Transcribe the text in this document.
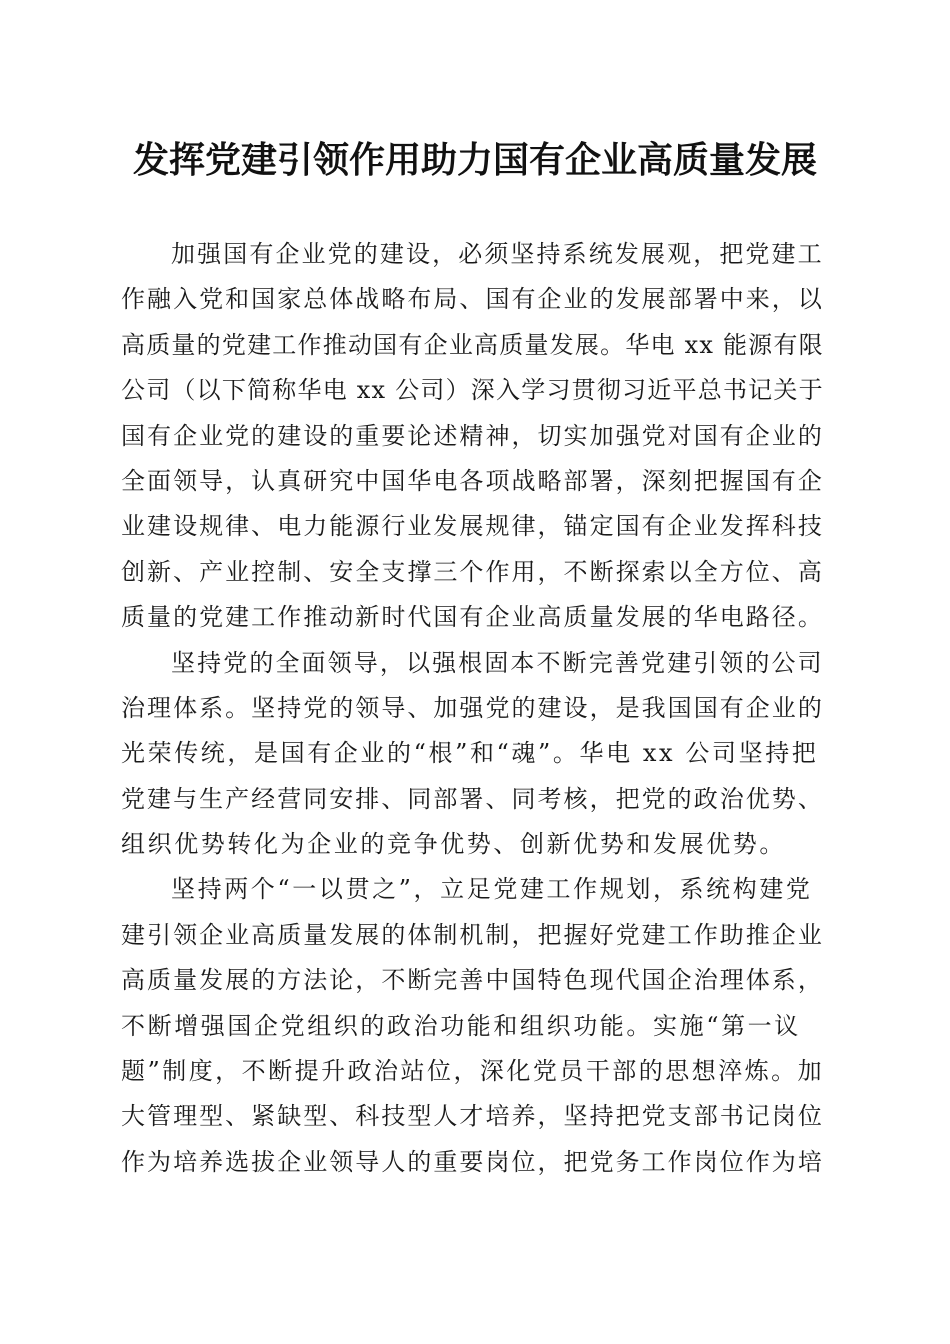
发挥党建引领作用助力国有企业高质量发展
加强国有企业党的建设，必须坚持系统发展观，把党建工
作融入党和国家总体战略布局、国有企业的发展部署中来，以
高质量的党建工作推动国有企业高质量发展。华电 xx 能源有限
公司（以下简称华电 xx 公司）深入学习贯彻习近平总书记关于
国有企业党的建设的重要论述精神，切实加强党对国有企业的
全面领导，认真研究中国华电各项战略部署，深刻把握国有企
业建设规律、电力能源行业发展规律，锚定国有企业发挥科技
创新、产业控制、安全支撑三个作用，不断探索以全方位、高
质量的党建工作推动新时代国有企业高质量发展的华电路径。
坚持党的全面领导，以强根固本不断完善党建引领的公司
治理体系。坚持党的领导、加强党的建设，是我国国有企业的
光荣传统，是国有企业的“根”和“魂”。华电 xx 公司坚持把
党建与生产经营同安排、同部署、同考核，把党的政治优势、
组织优势转化为企业的竞争优势、创新优势和发展优势。
坚持两个“一以贯之”，立足党建工作规划，系统构建党
建引领企业高质量发展的体制机制，把握好党建工作助推企业
高质量发展的方法论，不断完善中国特色现代国企治理体系，
不断增强国企党组织的政治功能和组织功能。实施“第一议
题”制度，不断提升政治站位，深化党员干部的思想淬炼。加
大管理型、紧缺型、科技型人才培养，坚持把党支部书记岗位
作为培养选拔企业领导人的重要岗位，把党务工作岗位作为培
